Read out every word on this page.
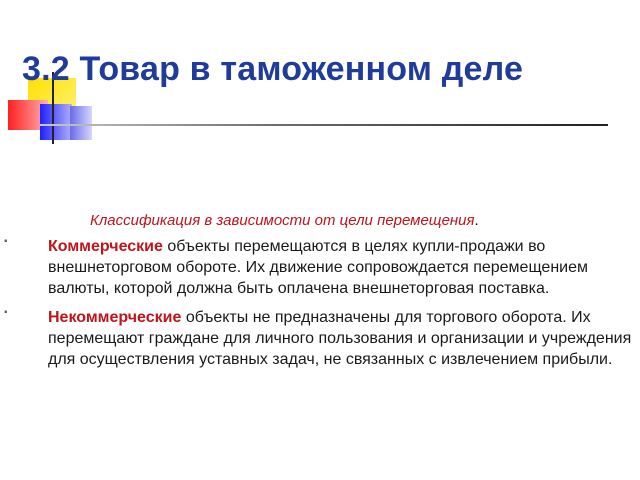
3.2 Товар в таможенном деле
Классификация в зависимости от цели перемещения.
▪	Коммерческие объекты перемещаются в целях купли-продажи во внешнеторговом обороте. Их движение сопровождается перемещением валюты, которой должна быть оплачена внешнеторговая поставка.
▪	Некоммерческие объекты не предназначены для торгового оборота. Их перемещают граждане для личного пользования и организации и учреждения для осуществления уставных задач, не связанных с извлечением прибыли.
